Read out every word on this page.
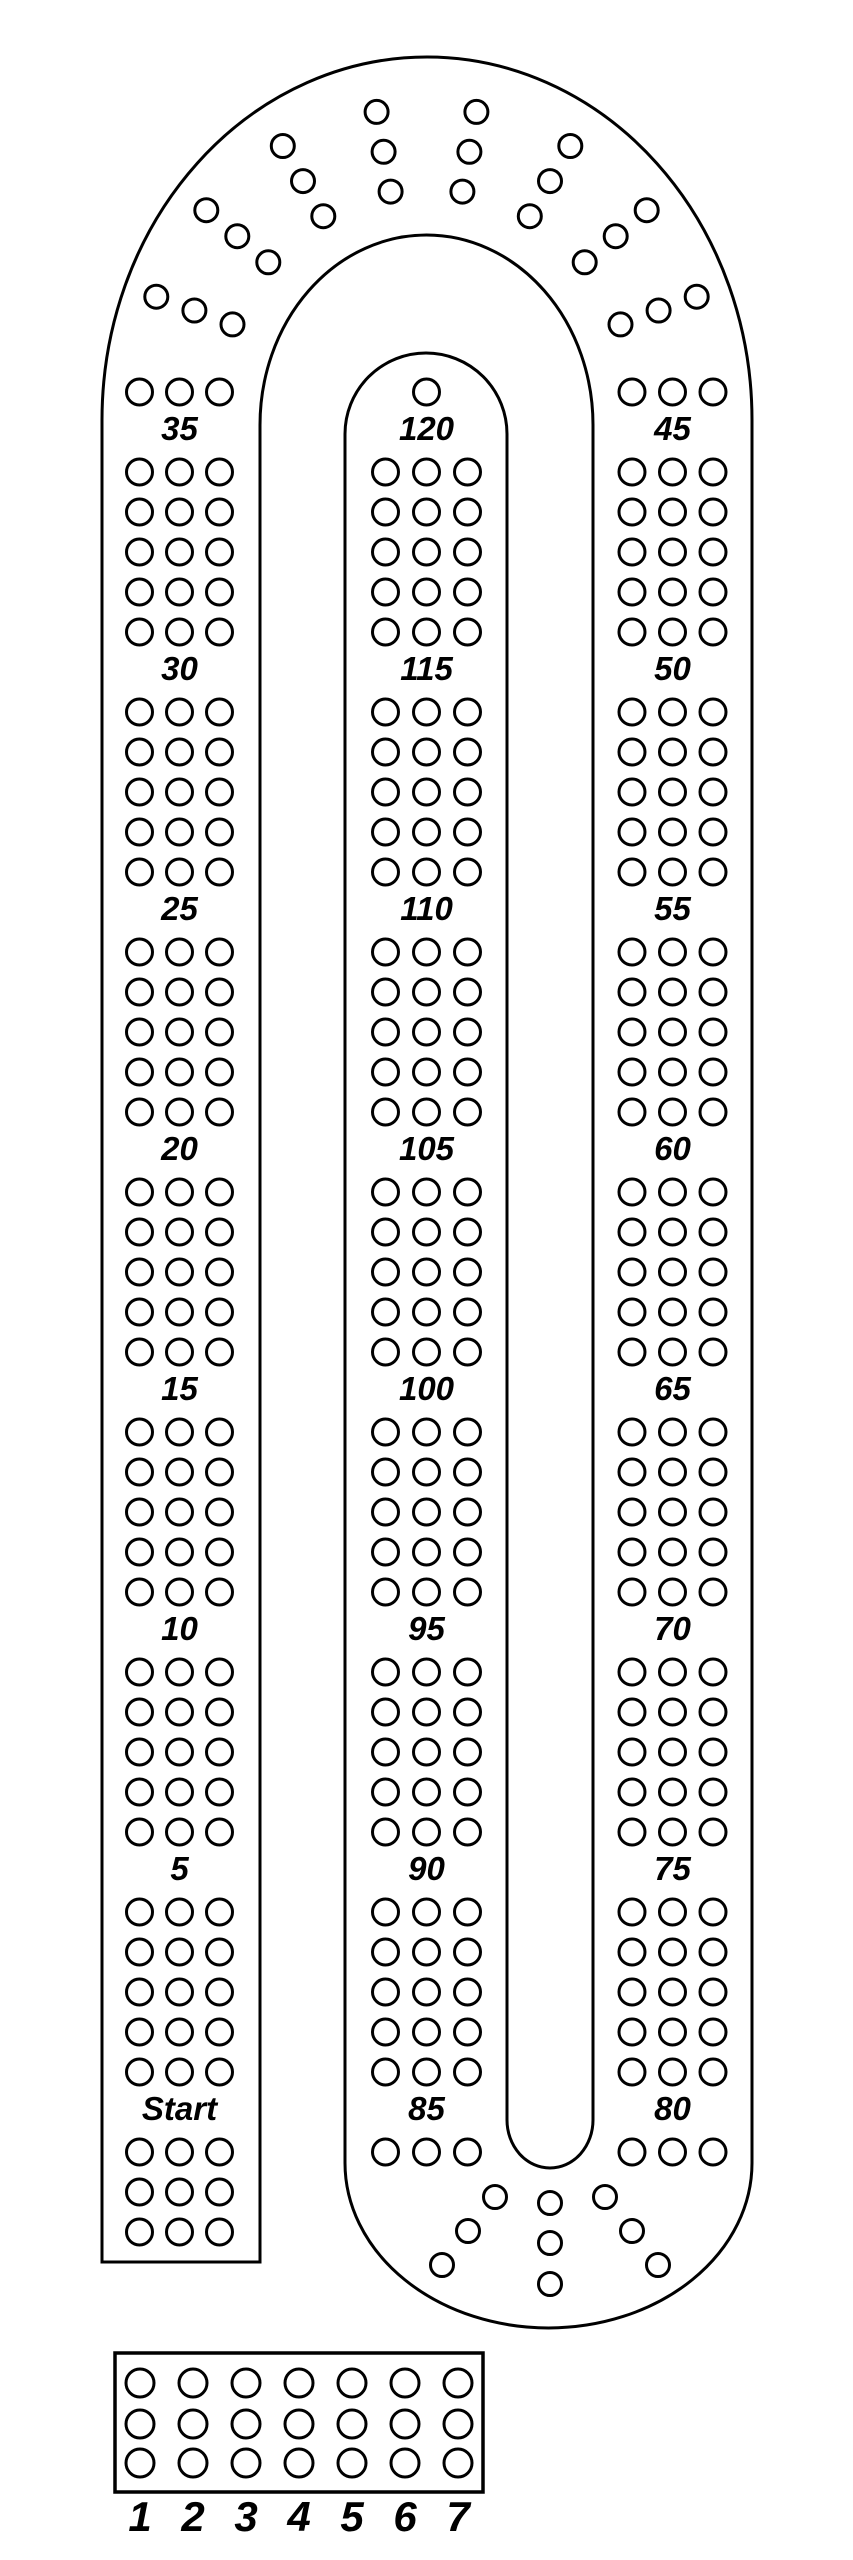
35
30
25
20
15
10
5
Start
120
115
110
105
100
95
90
85
45
50
55
60
65
70
75
80
1 2 3 4 5 6 7
